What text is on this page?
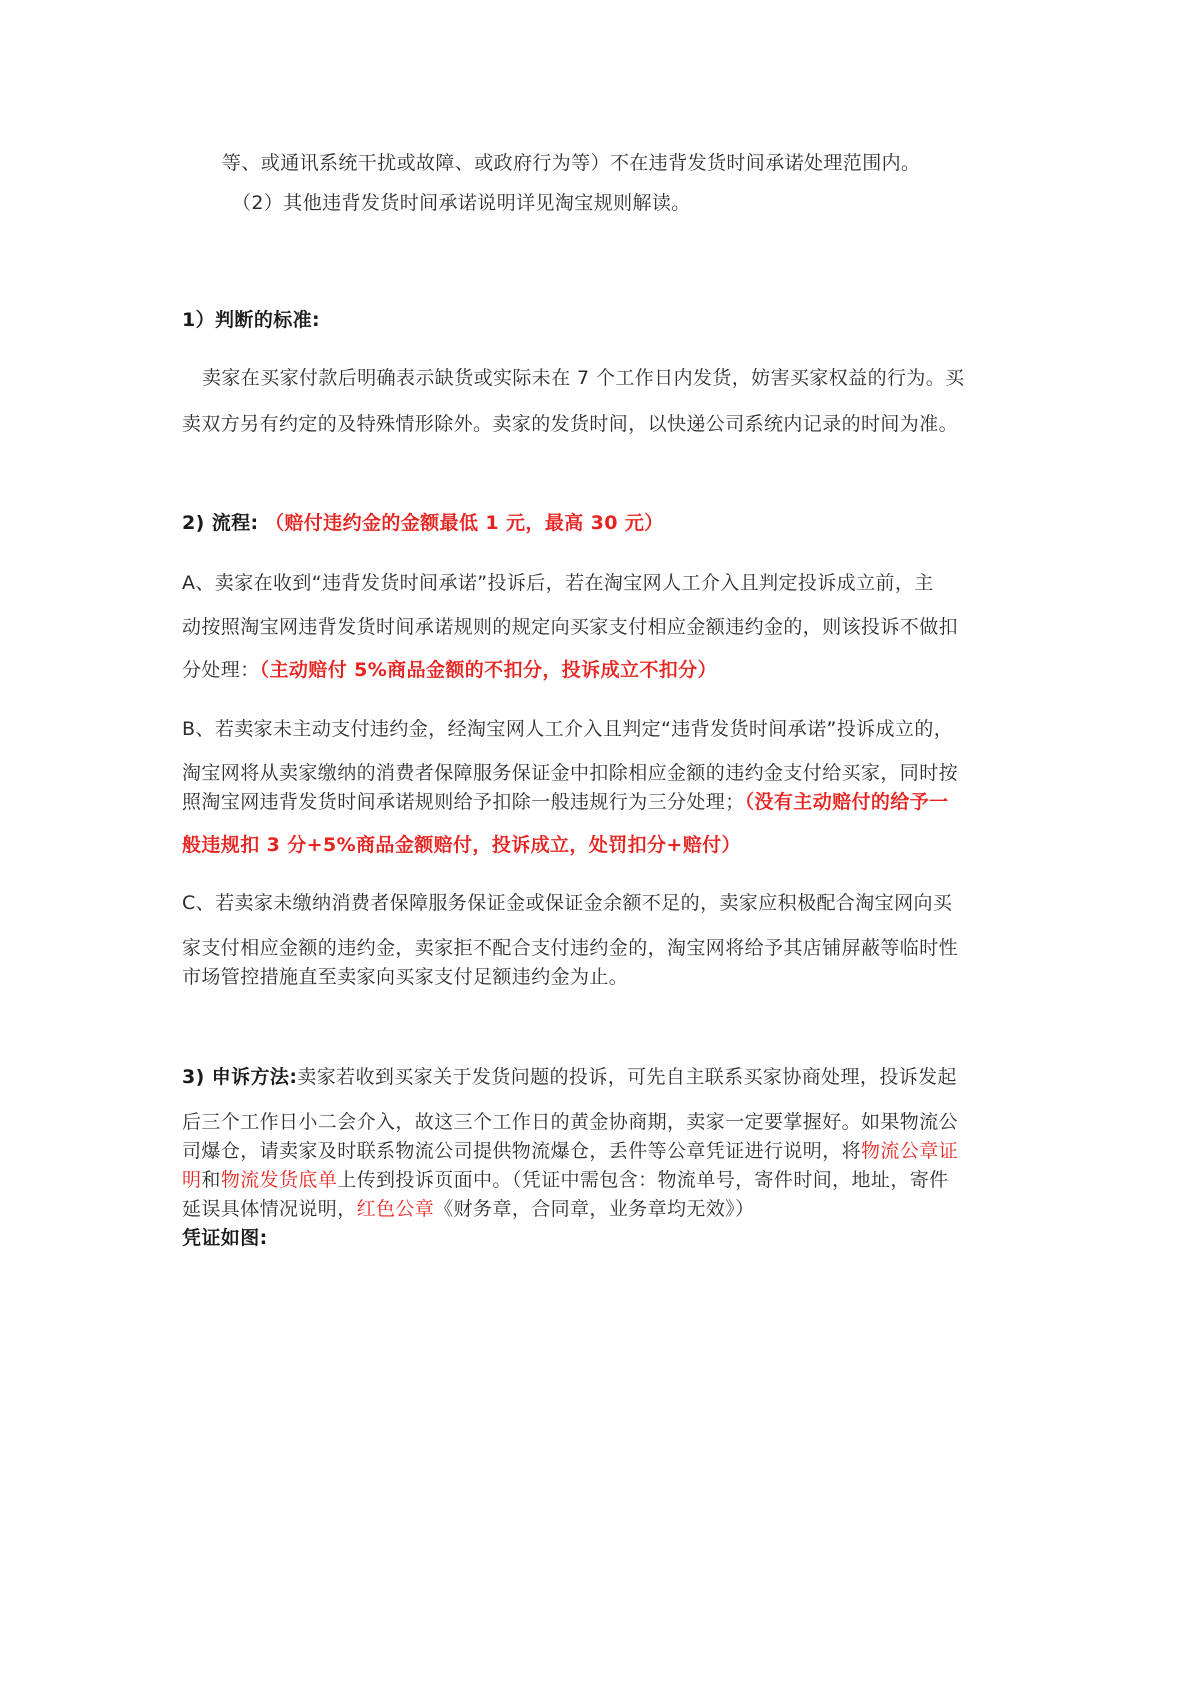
等、或通讯系统干扰或故障、或政府行为等）不在违背发货时间承诺处理范围内。
（2）其他违背发货时间承诺说明详见淘宝规则解读。
1）判断的标准:
卖家在买家付款后明确表示缺货或实际未在 7 个工作日内发货，妨害买家权益的行为。买
卖双方另有约定的及特殊情形除外。卖家的发货时间，以快递公司系统内记录的时间为准。
2) 流程: （赔付违约金的金额最低 1 元，最高 30 元）
A、卖家在收到“违背发货时间承诺”投诉后，若在淘宝网人工介入且判定投诉成立前，主
动按照淘宝网违背发货时间承诺规则的规定向买家支付相应金额违约金的，则该投诉不做扣
分处理：（主动赔付 5%商品金额的不扣分，投诉成立不扣分）
B、若卖家未主动支付违约金，经淘宝网人工介入且判定“违背发货时间承诺”投诉成立的，
淘宝网将从卖家缴纳的消费者保障服务保证金中扣除相应金额的违约金支付给买家，同时按
照淘宝网违背发货时间承诺规则给予扣除一般违规行为三分处理；（没有主动赔付的给予一
般违规扣 3 分+5%商品金额赔付，投诉成立，处罚扣分+赔付）
C、若卖家未缴纳消费者保障服务保证金或保证金余额不足的，卖家应积极配合淘宝网向买
家支付相应金额的违约金，卖家拒不配合支付违约金的，淘宝网将给予其店铺屏蔽等临时性
市场管控措施直至卖家向买家支付足额违约金为止。
3) 申诉方法:卖家若收到买家关于发货问题的投诉，可先自主联系买家协商处理，投诉发起
后三个工作日小二会介入，故这三个工作日的黄金协商期，卖家一定要掌握好。如果物流公
司爆仓，请卖家及时联系物流公司提供物流爆仓，丢件等公章凭证进行说明，将物流公章证
明和物流发货底单上传到投诉页面中。（凭证中需包含：物流单号，寄件时间，地址，寄件
延误具体情况说明，红色公章《财务章，合同章，业务章均无效》）
凭证如图:
